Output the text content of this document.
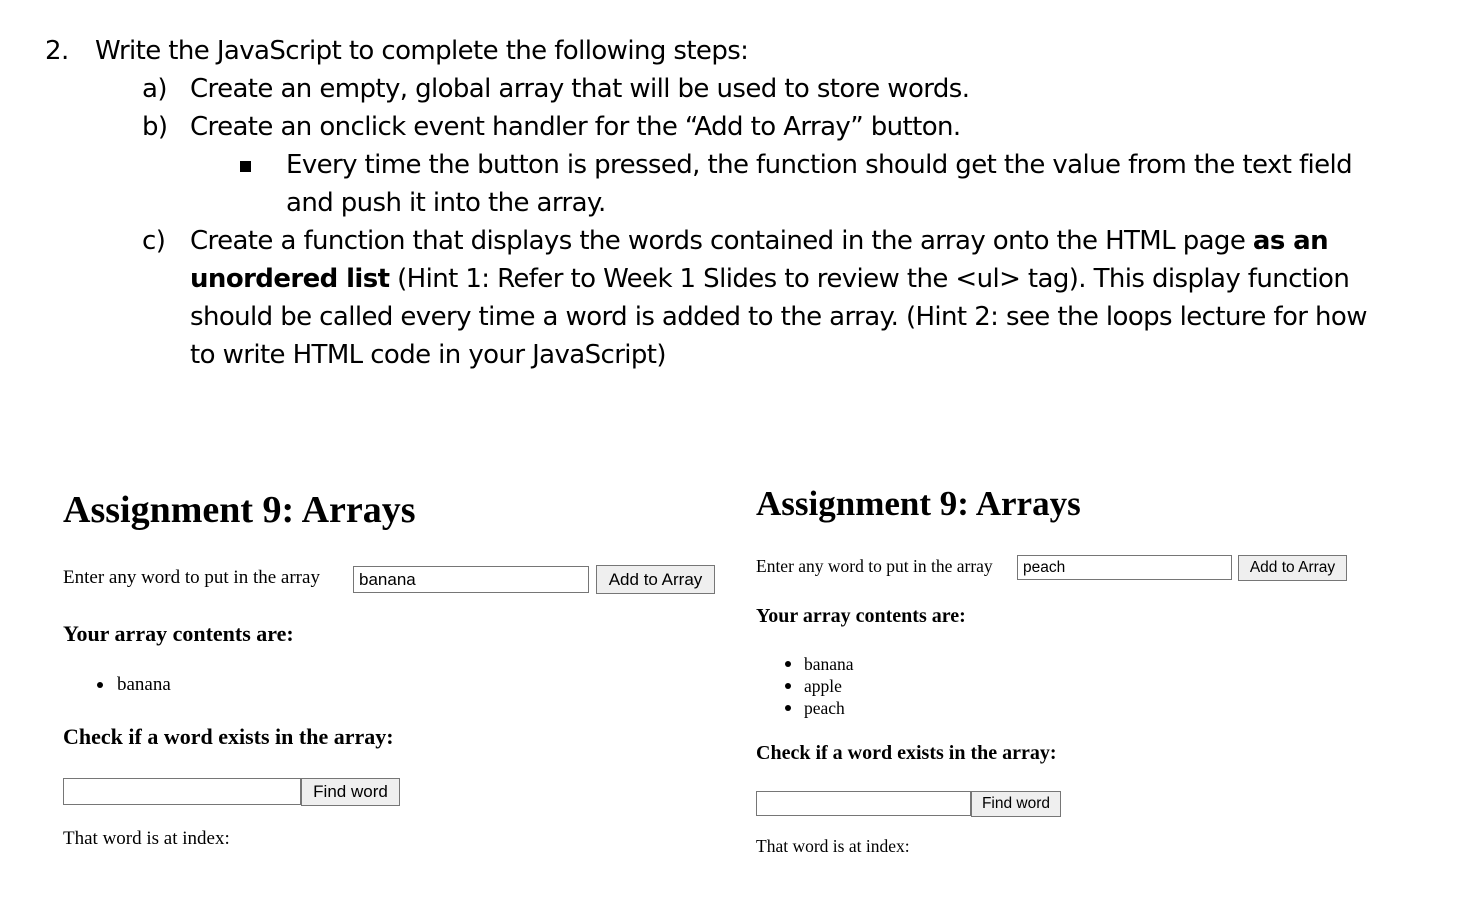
2. Write the JavaScript to complete the following steps:
a) Create an empty, global array that will be used to store words.
b) Create an onclick event handler for the “Add to Array” button.
Every time the button is pressed, the function should get the value from the text field
and push it into the array.
c) Create a function that displays the words contained in the array onto the HTML page as an
unordered list (Hint 1: Refer to Week 1 Slides to review the <ul> tag). This display function
should be called every time a word is added to the array. (Hint 2: see the loops lecture for how
to write HTML code in your JavaScript)
Assignment 9: Arrays
Enter any word to put in the array	banana	Add to Array
Your array contents are:
banana
Check if a word exists in the array:
Find word
That word is at index:
Assignment 9: Arrays
Enter any word to put in the array	peach	Add to Array
Your array contents are:
banana
apple
peach
Check if a word exists in the array:
Find word
That word is at index:
